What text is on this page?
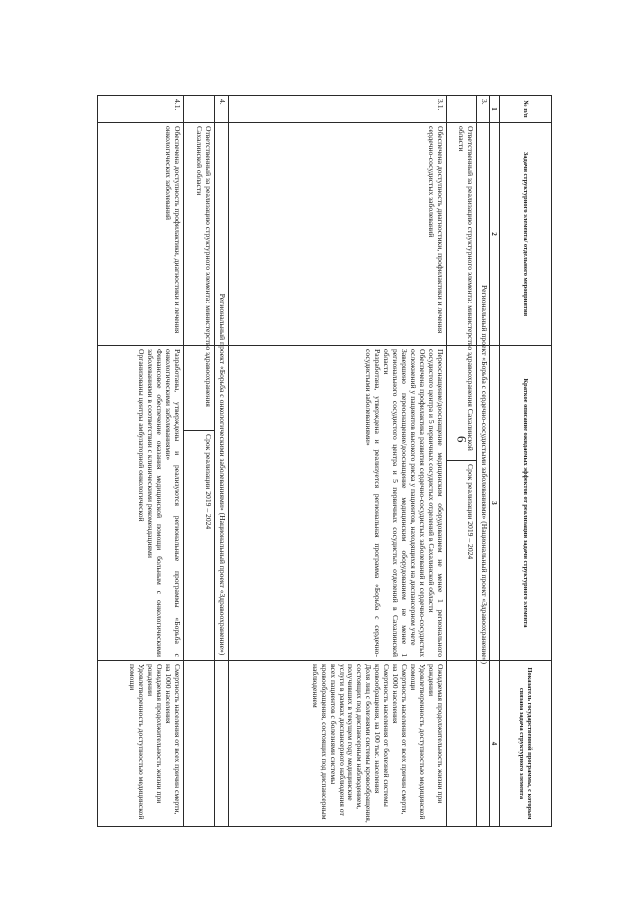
9
№ п/п
Задачи структурного элемента/ отдельного мероприятия
Краткое описание ожидаемых эффектов от реализации задачи структурного элемента
Показатель государственной программы, с которым связана задача структурного элемента
1
2
3
4
3.
Региональный проект «Борьба с сердечно-сосудистыми заболеваниями» (Национальный проект «Здравоохранение»)
Ответственный за реализацию структурного элемента: министерство здравоохранения Сахалинской области
Срок реализации 2019 – 2024
3.1.
Обеспечена доступность диагностики, профилактики и лечения сердечно-сосудистых заболеваний

Переоснащение/дооснащение медицинским оборудованием не менее 1 регионального сосудистого центра и 5 первичных сосудистых отделений в Сахалинской области

Обеспечена профилактика развития сердечно-сосудистых заболеваний и сердечно-сосудистых осложнений у пациентов высокого риска у пациентов, находящихся на диспансерном учете

Завершено переоснащение/дооснащение медицинским оборудованием не менее 1 регионального сосудистого центра и 5 первичных сосудистых отделений в Сахалинской области

Разработана, утверждена и реализуется региональная программа «Борьба с сердечно-сосудистыми заболеваниями»

Ожидаемая продолжительность жизни при рождении

Удовлетворенность доступностью медицинской помощи

Смертность населения от всех причин смерти, на 1000 населения

Смертность населения от болезней системы кровообращения, на 100 тыс. населения

Доля лиц с болезнями системы кровообращения, состоящих под диспансерным наблюдением, получивших в текущем году медицинские услуги в рамках диспансерного наблюдения от всех пациентов с болезнями системы кровообращения, состоящих под диспансерным наблюдением

4.
Региональный проект «Борьба с онкологическими заболеваниями» (Национальный проект «Здравоохранение»)
Ответственный за реализацию структурного элемента: министерство здравоохранения Сахалинской области
Срок реализации 2019 – 2024
4.1.
Обеспечена доступность профилактики, диагностики и лечения онкологических заболеваний

Разработаны, утверждены и реализуются региональные программы «Борьба с онкологическими заболеваниями»

Финансовое обеспечение оказания медицинской помощи больным с онкологическими заболеваниями в соответствии с клиническими рекомендациями

Организованы центры амбулаторной онкологической

Смертность населения от всех причин смерти, на 1000 населения

Ожидаемая продолжительность жизни при рождении

Удовлетворенность доступностью медицинской помощи
